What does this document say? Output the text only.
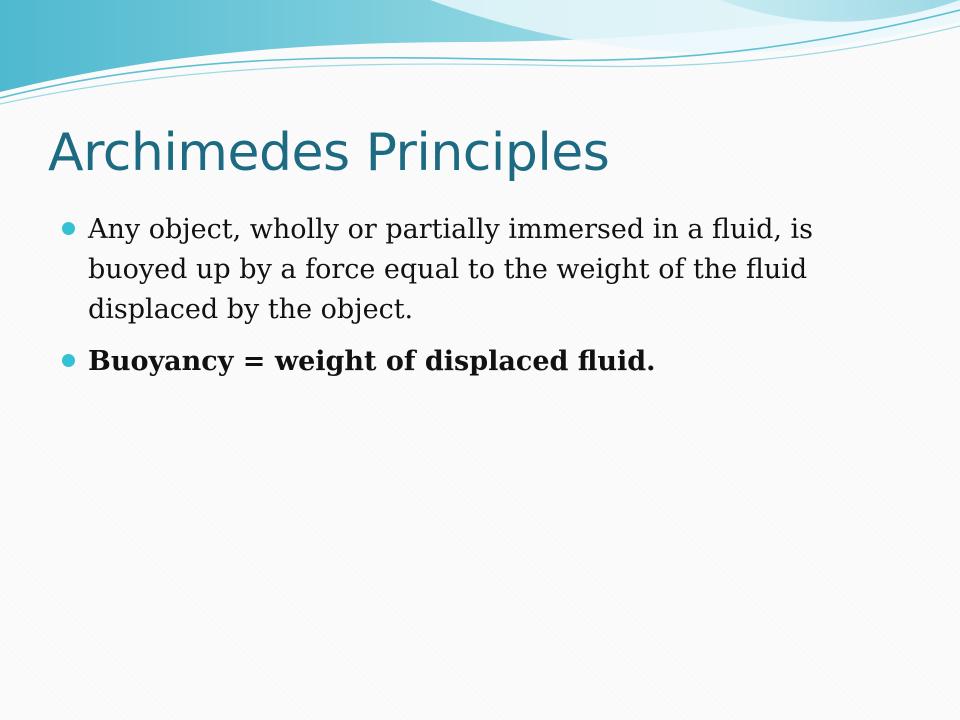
Archimedes Principles
Any object, wholly or partially immersed in a fluid, is buoyed up by a force equal to the weight of the fluid displaced by the object.
Buoyancy = weight of displaced fluid.
